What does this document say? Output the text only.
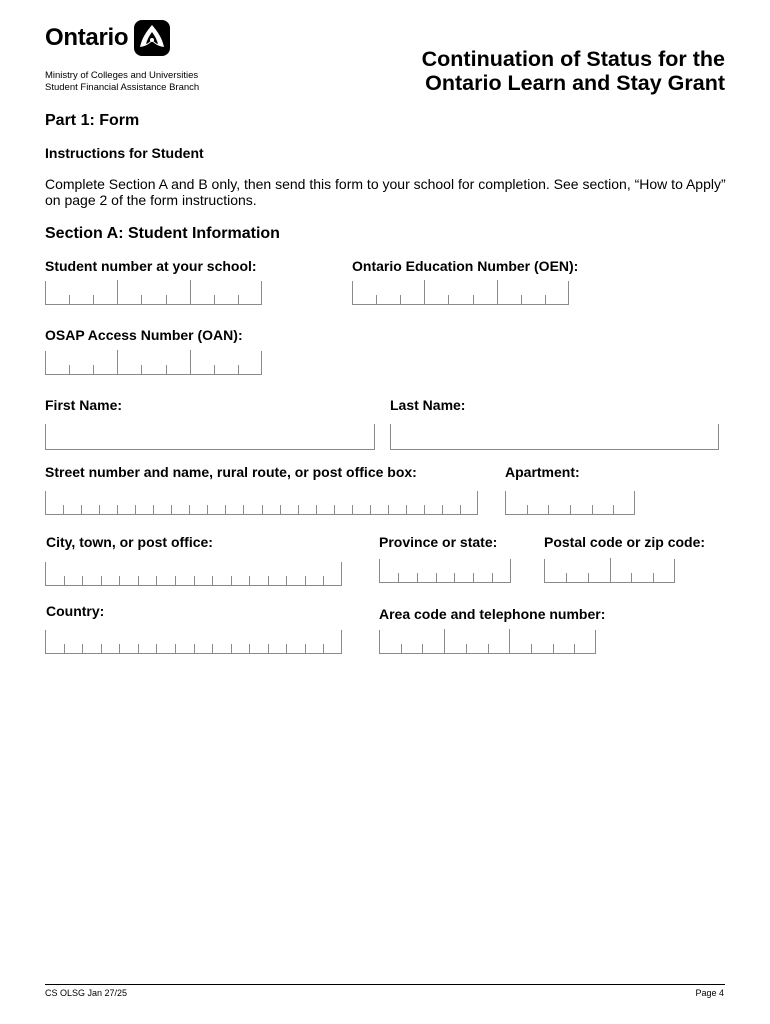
Ontario
Ministry of Colleges and Universities
Student Financial Assistance Branch
Continuation of Status for the
Ontario Learn and Stay Grant
Part 1: Form
Instructions for Student
Complete Section A and B only, then send this form to your school for completion. See section, “How to Apply” on page 2 of the form instructions.
Section A: Student Information
Student number at your school:	Ontario Education Number (OEN):
OSAP Access Number (OAN):
First Name:	Last Name:
Street number and name, rural route, or post office box:	Apartment:
City, town, or post office:	Province or state:	Postal code or zip code:
Country:	Area code and telephone number:
CS OLSG Jan 27/25	Page 4
